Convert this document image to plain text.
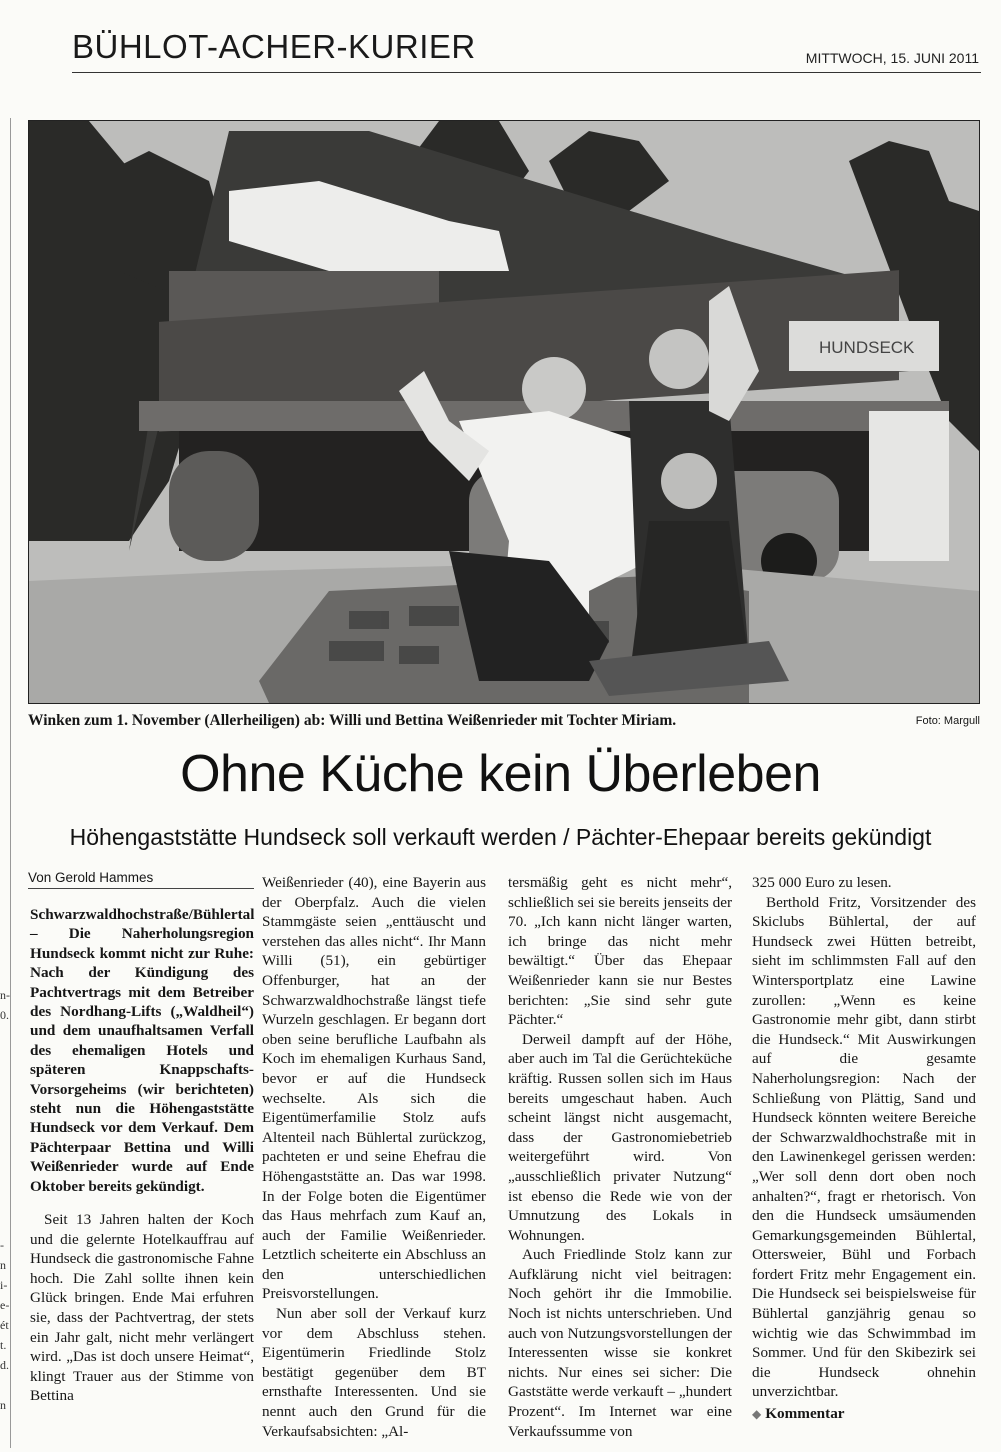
BÜHLOT-ACHER-KURIER	MITTWOCH, 15. JUNI 2011
n-
0.
-
n
i-
e-
ét
t.
d.
n
HUNDSECK
Winken zum 1. November (Allerheiligen) ab: Willi und Bettina Weißenrieder mit Tochter Miriam.	Foto: Margull
Ohne Küche kein Überleben
Höhengaststätte Hundseck soll verkauft werden / Pächter-Ehepaar bereits gekündigt
Von Gerold Hammes

Schwarzwaldhochstraße/Bühlertal – Die Naherholungsregion Hundseck kommt nicht zur Ruhe: Nach der Kündigung des Pachtvertrags mit dem Betreiber des Nordhang-Lifts („Waldheil“) und dem unaufhaltsamen Verfall des ehemaligen Hotels und späteren Knappschafts-Vorsorgeheims (wir berichteten) steht nun die Höhengaststätte Hundseck vor dem Verkauf. Dem Pächterpaar Bettina und Willi Weißenrieder wurde auf Ende Oktober bereits gekündigt.

Seit 13 Jahren halten der Koch und die gelernte Hotelkauffrau auf Hundseck die gastronomische Fahne hoch. Die Zahl sollte ihnen kein Glück bringen. Ende Mai erfuhren sie, dass der Pachtvertrag, der stets ein Jahr galt, nicht mehr verlängert wird. „Das ist doch unsere Heimat“, klingt Trauer aus der Stimme von Bettina

Weißenrieder (40), eine Bayerin aus der Oberpfalz. Auch die vielen Stammgäste seien „enttäuscht und verstehen das alles nicht“. Ihr Mann Willi (51), ein gebürtiger Offenburger, hat an der Schwarzwaldhochstraße längst tiefe Wurzeln geschlagen. Er begann dort oben seine berufliche Laufbahn als Koch im ehemaligen Kurhaus Sand, bevor er auf die Hundseck wechselte. Als sich die Eigentümerfamilie Stolz aufs Altenteil nach Bühlertal zurückzog, pachteten er und seine Ehefrau die Höhengaststätte an. Das war 1998. In der Folge boten die Eigentümer das Haus mehrfach zum Kauf an, auch der Familie Weißenrieder. Letztlich scheiterte ein Abschluss an den unterschiedlichen Preisvorstellungen.

Nun aber soll der Verkauf kurz vor dem Abschluss stehen. Eigentümerin Friedlinde Stolz bestätigt gegenüber dem BT ernsthafte Interessenten. Und sie nennt auch den Grund für die Verkaufsabsichten: „Al-

tersmäßig geht es nicht mehr“, schließlich sei sie bereits jenseits der 70. „Ich kann nicht länger warten, ich bringe das nicht mehr bewältigt.“ Über das Ehepaar Weißenrieder kann sie nur Bestes berichten: „Sie sind sehr gute Pächter.“

Derweil dampft auf der Höhe, aber auch im Tal die Gerüchteküche kräftig. Russen sollen sich im Haus bereits umgeschaut haben. Auch scheint längst nicht ausgemacht, dass der Gastronomiebetrieb weitergeführt wird. Von „ausschließlich privater Nutzung“ ist ebenso die Rede wie von der Umnutzung des Lokals in Wohnungen.

Auch Friedlinde Stolz kann zur Aufklärung nicht viel beitragen: Noch gehört ihr die Immobilie. Noch ist nichts unterschrieben. Und auch von Nutzungsvorstellungen der Interessenten wisse sie konkret nichts. Nur eines sei sicher: Die Gaststätte werde verkauft – „hundert Prozent“. Im Internet war eine Verkaufssumme von

325 000 Euro zu lesen.

Berthold Fritz, Vorsitzender des Skiclubs Bühlertal, der auf Hundseck zwei Hütten betreibt, sieht im schlimmsten Fall auf den Wintersportplatz eine Lawine zurollen: „Wenn es keine Gastronomie mehr gibt, dann stirbt die Hundseck.“ Mit Auswirkungen auf die gesamte Naherholungsregion: Nach der Schließung von Plättig, Sand und Hundseck könnten weitere Bereiche der Schwarzwaldhochstraße mit in den Lawinenkegel gerissen werden: „Wer soll denn dort oben noch anhalten?“, fragt er rhetorisch. Von den die Hundseck umsäumenden Gemarkungsgemeinden Bühlertal, Ottersweier, Bühl und Forbach fordert Fritz mehr Engagement ein. Die Hundseck sei beispielsweise für Bühlertal ganzjährig genau so wichtig wie das Schwimmbad im Sommer. Und für den Skibezirk sei die Hundseck ohnehin unverzichtbar.

◆ Kommentar
